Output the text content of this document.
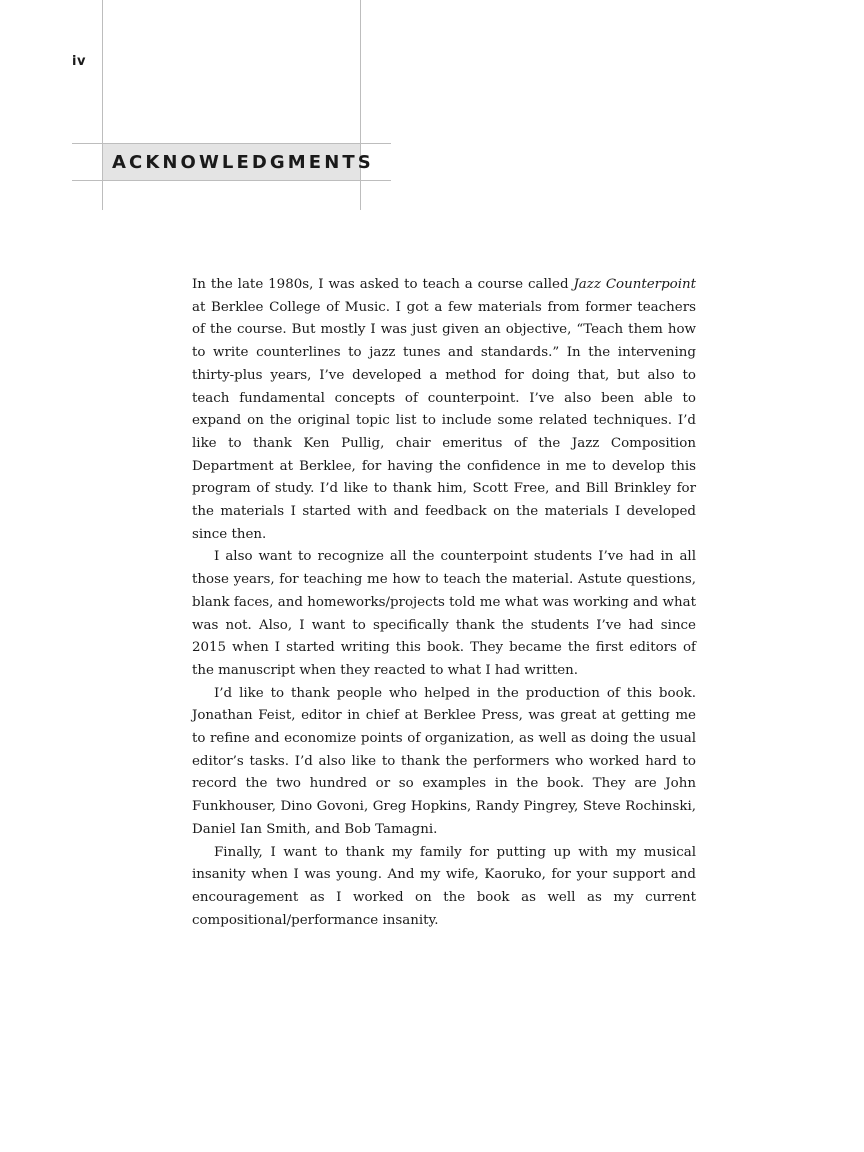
iv
ACKNOWLEDGMENTS

In the late 1980s, I was asked to teach a course called Jazz Counterpoint at Berklee College of Music. I got a few materials from former teachers of the course. But mostly I was just given an objective, “Teach them how to write counterlines to jazz tunes and standards.” In the intervening thirty-plus years, I’ve developed a method for doing that, but also to teach fundamental concepts of counterpoint. I’ve also been able to expand on the original topic list to include some related techniques. I’d like to thank Ken Pullig, chair emeritus of the Jazz Composition Department at Berklee, for having the confidence in me to develop this program of study. I’d like to thank him, Scott Free, and Bill Brinkley for the materials I started with and feedback on the materials I developed since then.

I also want to recognize all the counterpoint students I’ve had in all those years, for teaching me how to teach the material. Astute questions, blank faces, and homeworks/projects told me what was working and what was not. Also, I want to specifically thank the students I’ve had since 2015 when I started writing this book. They became the first editors of the manuscript when they reacted to what I had written.

I’d like to thank people who helped in the production of this book. Jonathan Feist, editor in chief at Berklee Press, was great at getting me to refine and economize points of organization, as well as doing the usual editor’s tasks. I’d also like to thank the performers who worked hard to record the two hundred or so examples in the book. They are John Funkhouser, Dino Govoni, Greg Hopkins, Randy Pingrey, Steve Rochinski, Daniel Ian Smith, and Bob Tamagni.

Finally, I want to thank my family for putting up with my musical insanity when I was young. And my wife, Kaoruko, for your support and encouragement as I worked on the book as well as my current compositional/performance insanity.
